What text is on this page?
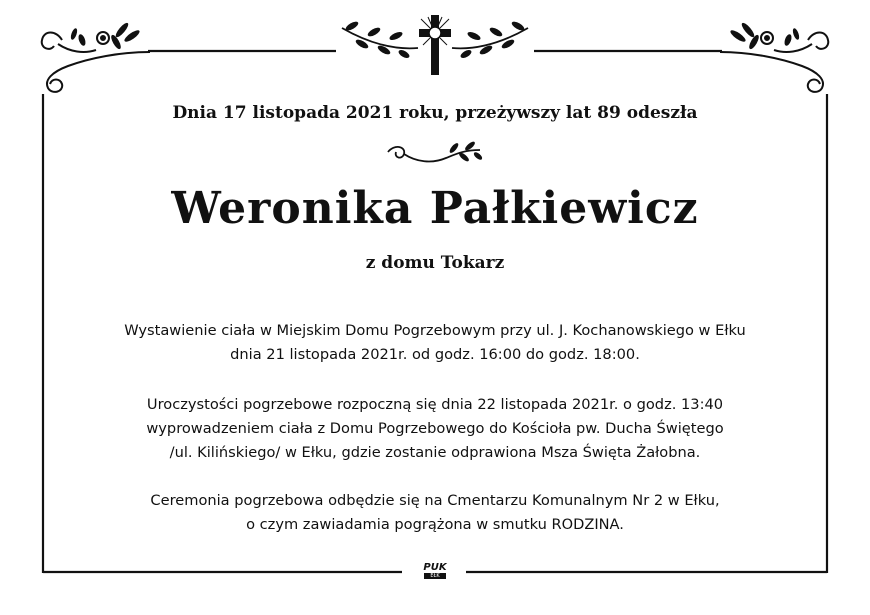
Dnia 17 listopada 2021 roku, przeżywszy lat 89 odeszła
Weronika Pałkiewicz
z domu Tokarz
Wystawienie ciała w Miejskim Domu Pogrzebowym przy ul. J. Kochanowskiego w Ełku
dnia 21 listopada 2021r. od godz. 16:00 do godz. 18:00.
Uroczystości pogrzebowe rozpoczną się dnia 22 listopada 2021r. o godz. 13:40
wyprowadzeniem ciała z Domu Pogrzebowego do Kościoła pw. Ducha Świętego
/ul. Kilińskiego/ w Ełku, gdzie zostanie odprawiona Msza Święta Żałobna.
Ceremonia pogrzebowa odbędzie się na Cmentarzu Komunalnym Nr 2 w Ełku,
o czym zawiadamia pogrążona w smutku RODZINA.
PUK
EŁK
